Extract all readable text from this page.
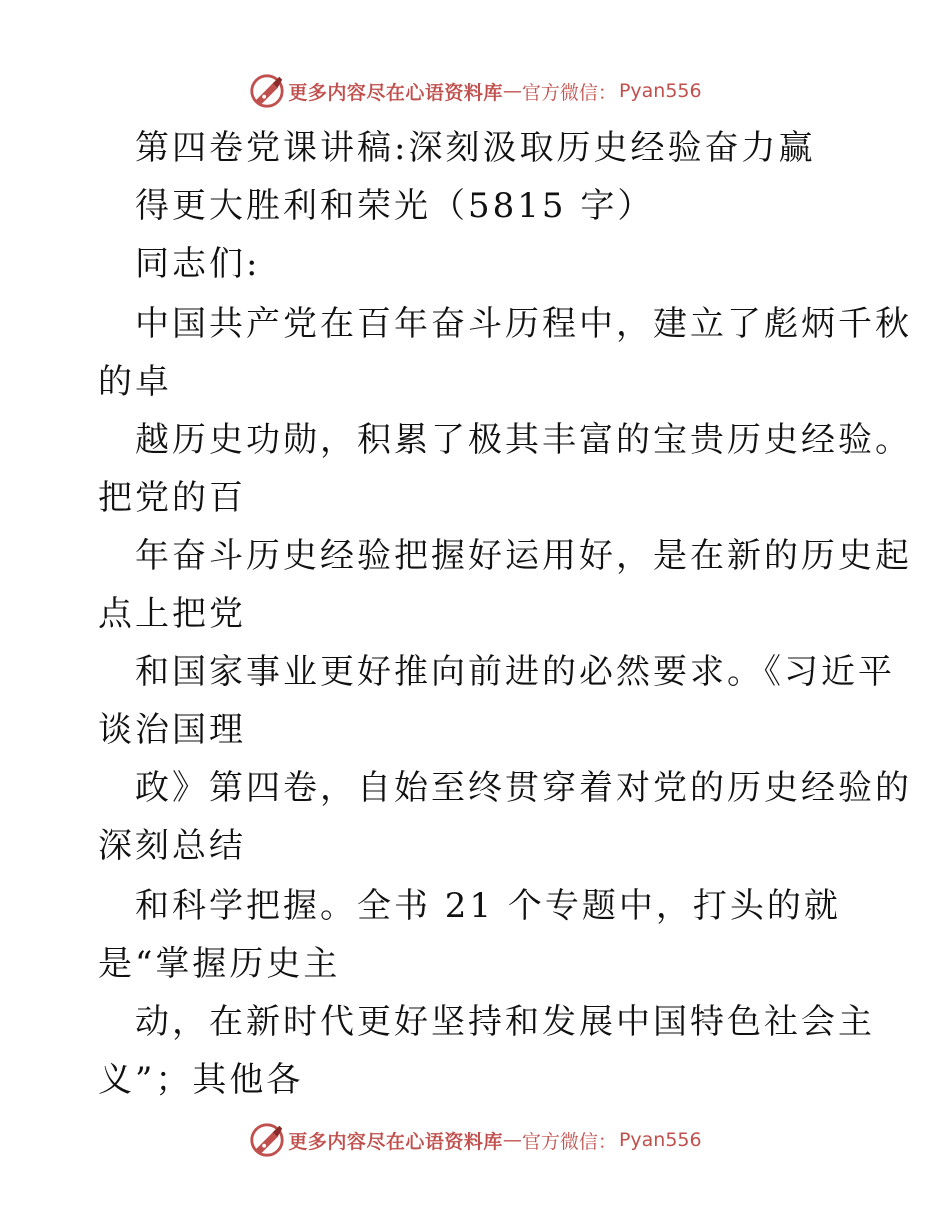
更多内容尽在心语资料库 — 官方微信： Pyan556
第四卷党课讲稿:深刻汲取历史经验奋力赢
得更大胜利和荣光（5815 字）
同志们:
中国共产党在百年奋斗历程中，建立了彪炳千秋
的卓
越历史功勋，积累了极其丰富的宝贵历史经验。
把党的百
年奋斗历史经验把握好运用好，是在新的历史起
点上把党
和国家事业更好推向前进的必然要求。《习近平
谈治国理
政》第四卷，自始至终贯穿着对党的历史经验的
深刻总结
和科学把握。全书 21 个专题中，打头的就
是“掌握历史主
动，在新时代更好坚持和发展中国特色社会主
义”；其他各
更多内容尽在心语资料库 — 官方微信： Pyan556
